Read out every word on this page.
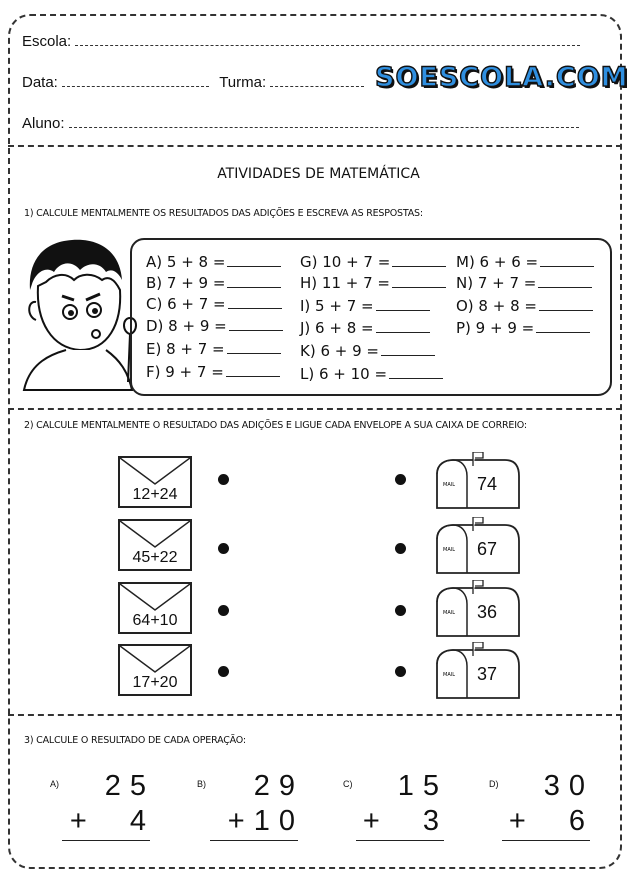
Escola:
Data:	Turma:	SOESCOLA.COM
Aluno:
ATIVIDADES DE MATEMÁTICA
1) CALCULE MENTALMENTE OS RESULTADOS DAS ADIÇÕES E ESCREVA AS RESPOSTAS:
A) 5 + 8 =
B) 7 + 9 =
C) 6 + 7 =
D) 8 + 9 =
E) 8 + 7 =
F) 9 + 7 =
G) 10 + 7 =
H) 11 + 7 =
I) 5 + 7 =
J) 6 + 8 =
K) 6 + 9 =
L) 6 + 10 =
M) 6 + 6 =
N) 7 + 7 =
O) 8 + 8 =
P) 9 + 9 =
2) CALCULE MENTALMENTE O RESULTADO DAS ADIÇÕES E LIGUE CADA ENVELOPE A SUA CAIXA DE CORREIO:
12+24
45+22
64+10
17+20
MAIL 74
MAIL 67
MAIL 36
MAIL 37
3) CALCULE O RESULTADO DE CADA OPERAÇÃO:
A)	25
+  4
B)	29
+10
C)	15
+  3
D)	30
+  6
